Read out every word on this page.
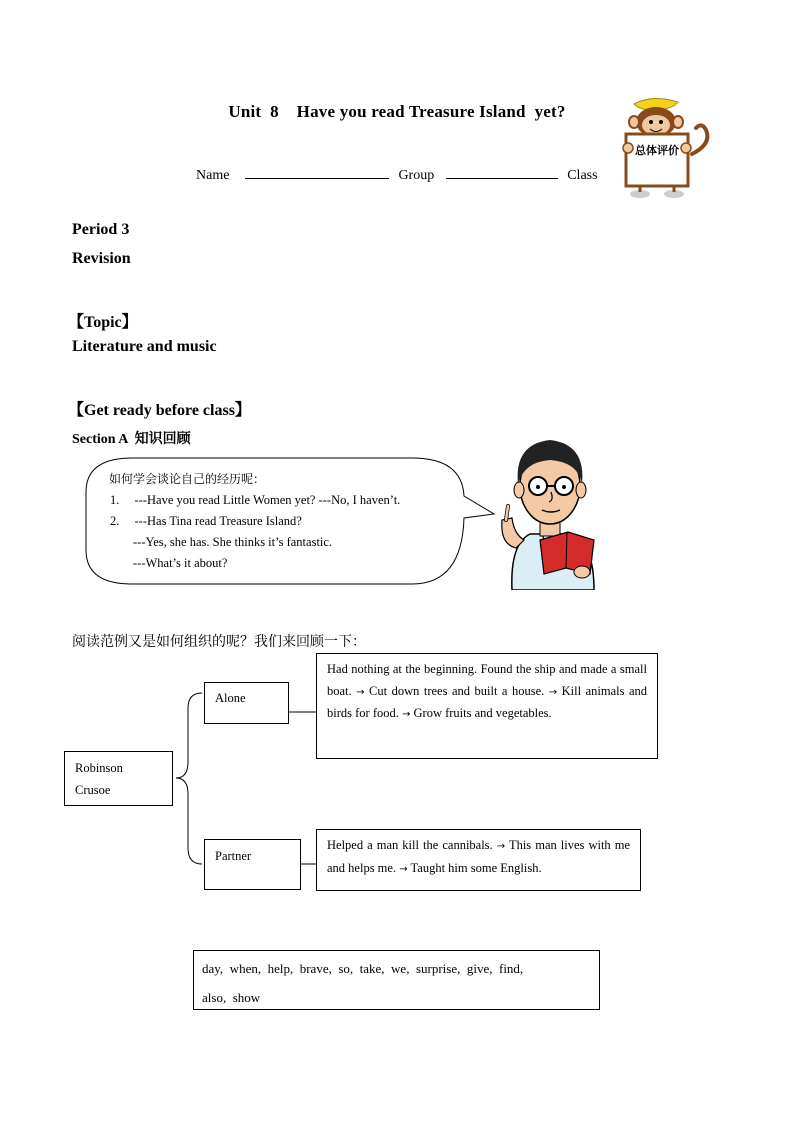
Unit  8    Have you read Treasure Island  yet?
Name	Group	Class
总体评价
Period 3
Revision
【Topic】
Literature and music
【Get ready before class】
Section A  知识回顾
如何学会谈论自己的经历呢：
1. ---Have you read Little Women yet? ---No, I haven’t.
2. ---Has Tina read Treasure Island?
---Yes, she has. She thinks it’s fantastic.
---What’s it about?
阅读范例又是如何组织的呢？我们来回顾一下：
Robinson Crusoe
Alone
Had nothing at the beginning. Found the ship and made a small boat. → Cut down trees and built a house. → Kill animals and birds for food. → Grow fruits and vegetables.
Partner
Helped a man kill the cannibals. → This man lives with me and helps me. → Taught him some English.
day,  when,  help,  brave,  so,  take,  we,  surprise,  give,  find,
also,  show
